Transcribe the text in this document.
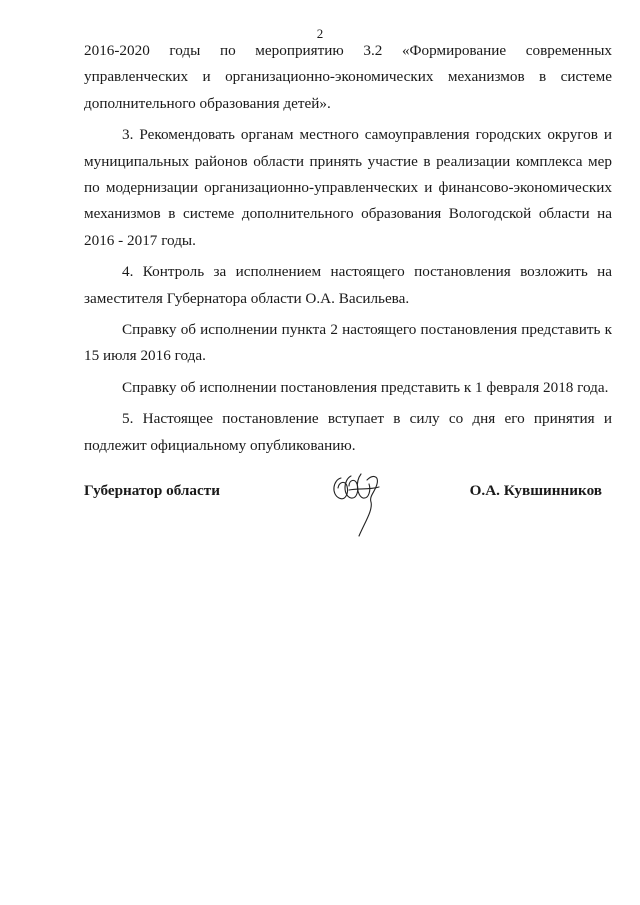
2

2016-2020 годы по мероприятию 3.2 «Формирование современных управленческих и организационно-экономических механизмов в системе дополнительного образования детей».

3. Рекомендовать органам местного самоуправления городских округов и муниципальных районов области принять участие в реализации комплекса мер по модернизации организационно-управленческих и финансово-экономических механизмов в системе дополнительного образования Вологодской области на 2016 - 2017 годы.

4. Контроль за исполнением настоящего постановления возложить на заместителя Губернатора области О.А. Васильева.

Справку об исполнении пункта 2 настоящего постановления представить к 15 июля 2016 года.

Справку об исполнении постановления представить к 1 февраля 2018 года.

5. Настоящее постановление вступает в силу со дня его принятия и подлежит официальному опубликованию.

Губернатор области	О.А. Кувшинников
